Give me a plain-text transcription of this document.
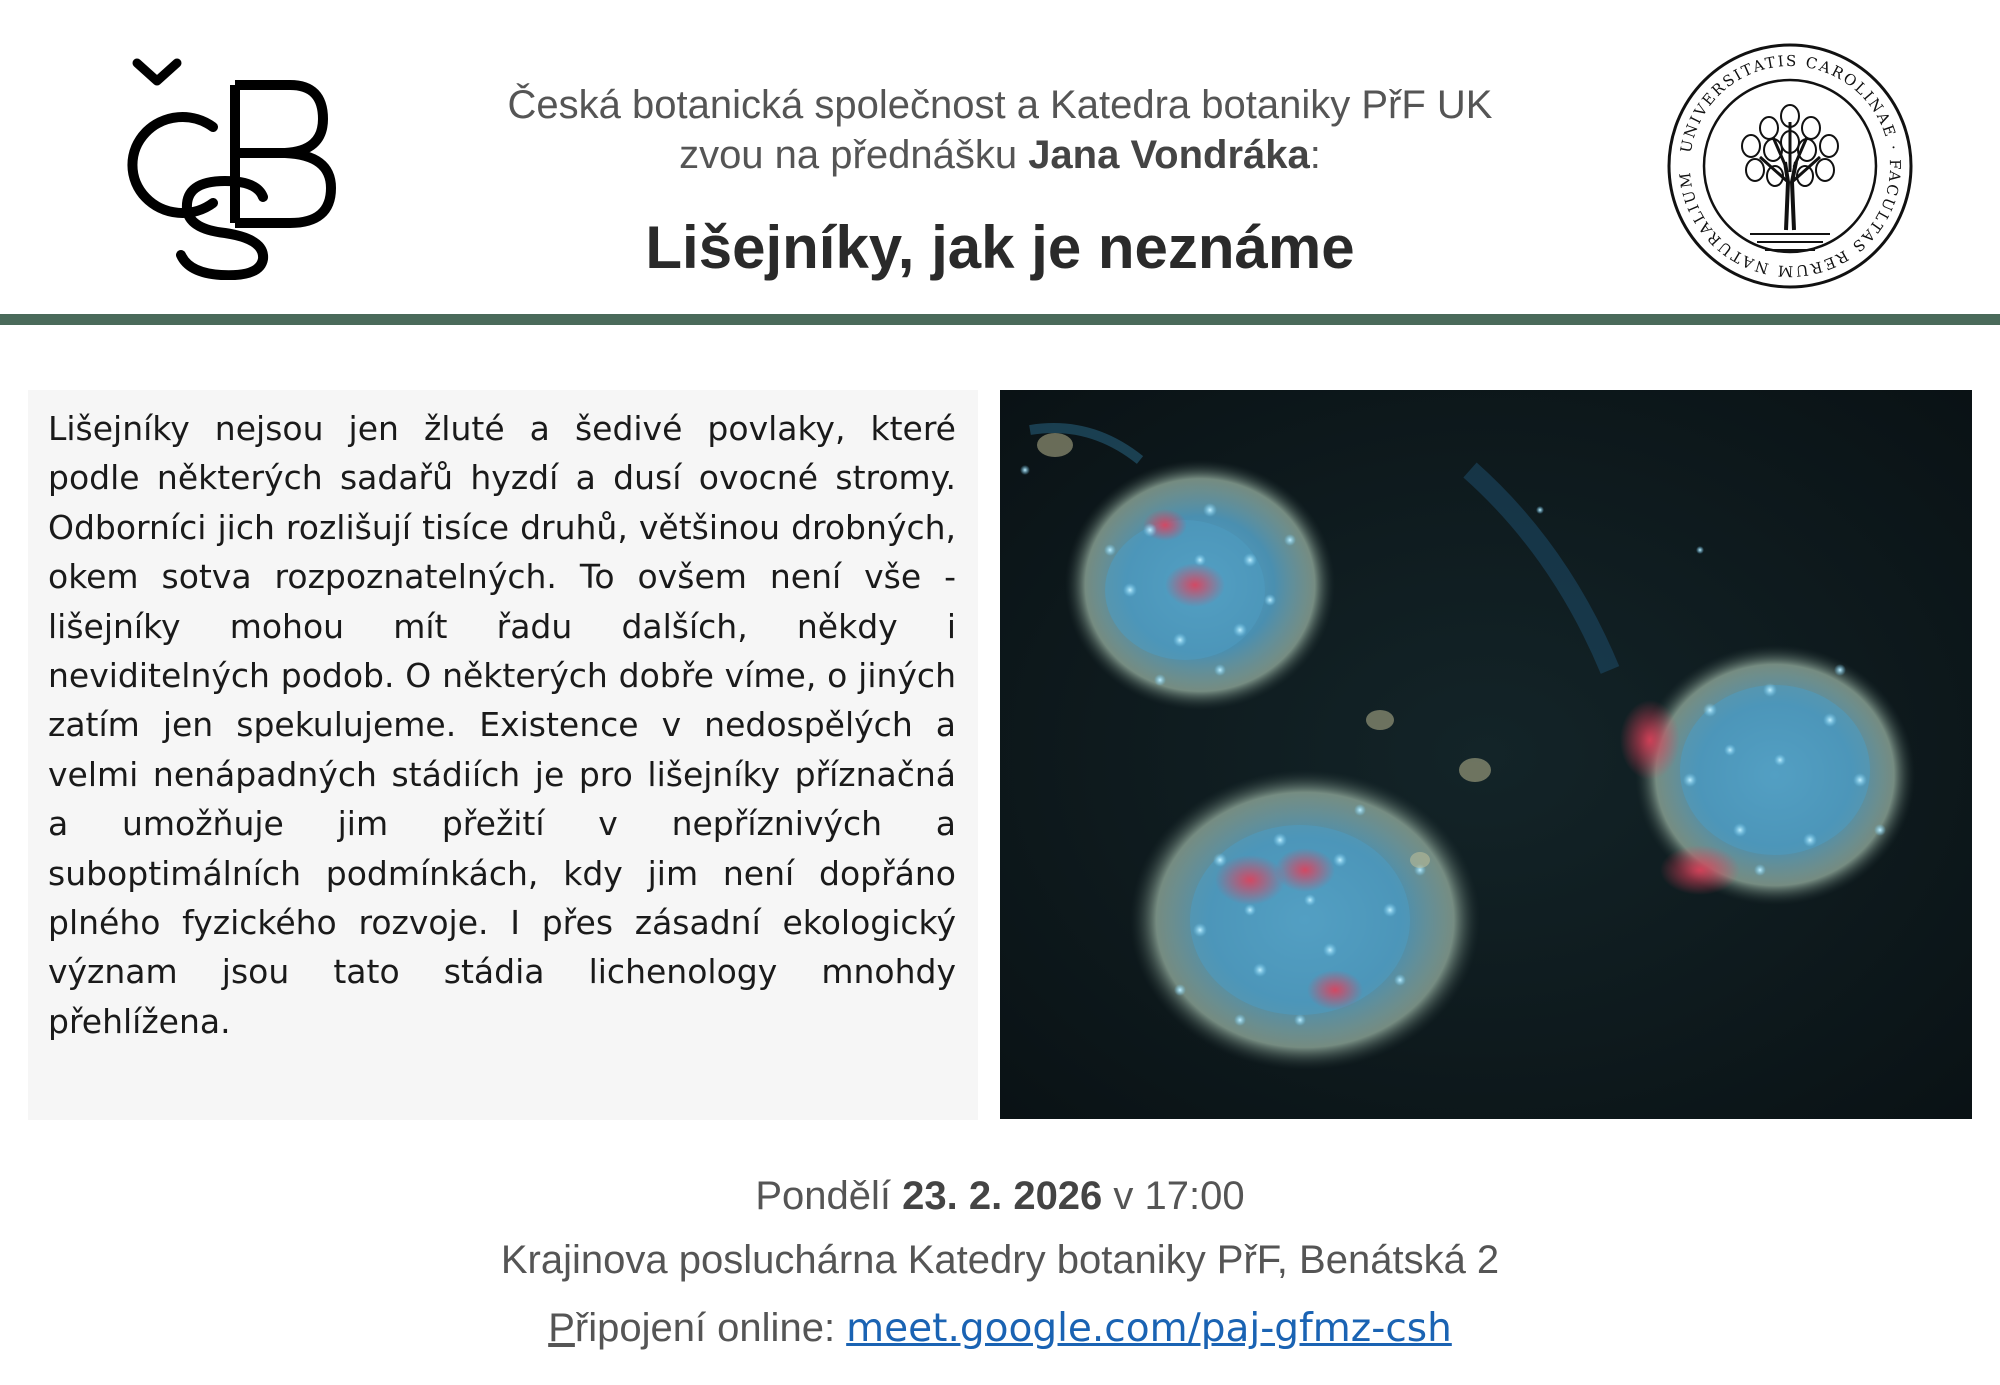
Česká botanická společnost a Katedra botaniky PřF UK
zvou na přednášku Jana Vondráka:
Lišejníky, jak je neznáme
UNIVERSITATIS CAROLINAE · FACULTAS RERUM NATURALIUM

Lišejníky nejsou jen žluté a šedivé povlaky, které podle některých sadařů hyzdí a dusí ovocné stromy. Odborníci jich rozlišují tisíce druhů, většinou drobných, okem sotva rozpoznatelných. To ovšem není vše - lišejníky mohou mít řadu dalších, někdy i neviditelných podob. O některých dobře víme, o jiných zatím jen spekulujeme. Existence v nedospělých a velmi nenápadných stádiích je pro lišejníky příznačná a umožňuje jim přežití v nepříznivých a suboptimálních podmínkách, kdy jim není dopřáno plného fyzického rozvoje. I přes zásadní ekologický význam jsou tato stádia lichenology mnohdy přehlížena.

Pondělí 23. 2. 2026 v 17:00
Krajinova posluchárna Katedry botaniky PřF, Benátská 2
Připojení online: meet.google.com/paj-gfmz-csh
